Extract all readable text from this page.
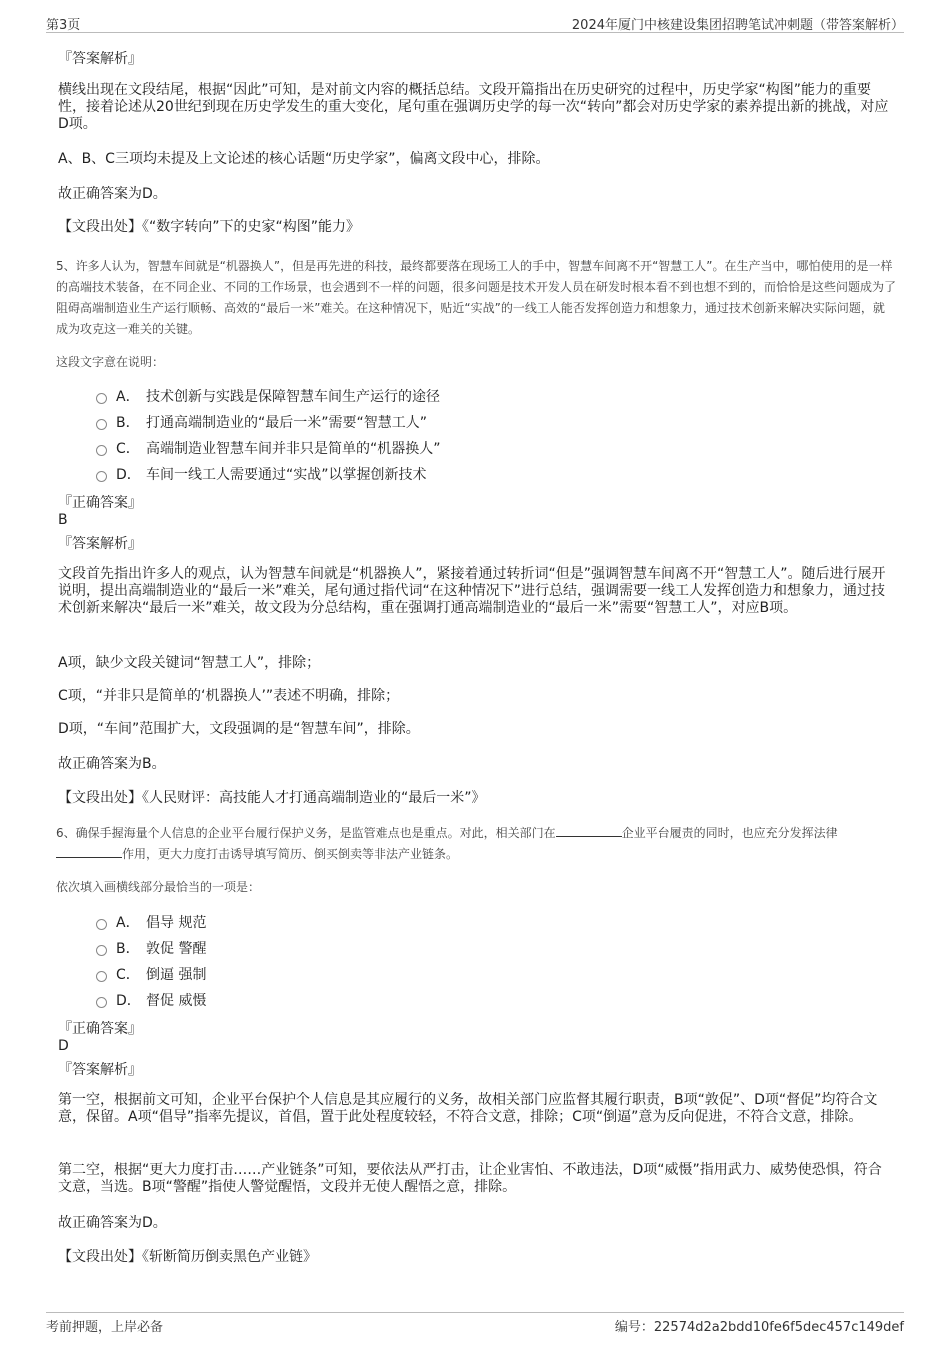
第3页	2024年厦门中核建设集团招聘笔试冲刺题（带答案解析）
『答案解析』
横线出现在文段结尾，根据“因此”可知，是对前文内容的概括总结。文段开篇指出在历史研究的过程中，历史学家“构图”能力的重要性，接着论述从20世纪到现在历史学发生的重大变化，尾句重在强调历史学的每一次“转向”都会对历史学家的素养提出新的挑战，对应D项。
A、B、C三项均未提及上文论述的核心话题“历史学家”，偏离文段中心，排除。
故正确答案为D。
【文段出处】《“数字转向”下的史家“构图”能力》
5、许多人认为，智慧车间就是“机器换人”，但是再先进的科技，最终都要落在现场工人的手中，智慧车间离不开“智慧工人”。在生产当中，哪怕使用的是一样的高端技术装备，在不同企业、不同的工作场景，也会遇到不一样的问题，很多问题是技术开发人员在研发时根本看不到也想不到的，而恰恰是这些问题成为了阻碍高端制造业生产运行顺畅、高效的“最后一米”难关。在这种情况下，贴近“实战”的一线工人能否发挥创造力和想象力，通过技术创新来解决实际问题，就成为攻克这一难关的关键。
这段文字意在说明：
A． 技术创新与实践是保障智慧车间生产运行的途径
B． 打通高端制造业的“最后一米”需要“智慧工人”
C． 高端制造业智慧车间并非只是简单的“机器换人”
D． 车间一线工人需要通过“实战”以掌握创新技术
『正确答案』
B
『答案解析』
文段首先指出许多人的观点，认为智慧车间就是“机器换人”，紧接着通过转折词“但是”强调智慧车间离不开“智慧工人”。随后进行展开说明，提出高端制造业的“最后一米”难关，尾句通过指代词“在这种情况下”进行总结，强调需要一线工人发挥创造力和想象力，通过技术创新来解决“最后一米”难关，故文段为分总结构，重在强调打通高端制造业的“最后一米”需要“智慧工人”，对应B项。
A项，缺少文段关键词“智慧工人”，排除；
C项，“并非只是简单的‘机器换人’”表述不明确，排除；
D项，“车间”范围扩大，文段强调的是“智慧车间”，排除。
故正确答案为B。
【文段出处】《人民财评：高技能人才打通高端制造业的“最后一米”》
6、确保手握海量个人信息的企业平台履行保护义务，是监管难点也是重点。对此，相关部门在	企业平台履责的同时，也应充分发挥法律作用，更大力度打击诱导填写简历、倒买倒卖等非法产业链条。
依次填入画横线部分最恰当的一项是：
A． 倡导 规范
B． 敦促 警醒
C． 倒逼 强制
D． 督促 威慑
『正确答案』
D
『答案解析』
第一空，根据前文可知，企业平台保护个人信息是其应履行的义务，故相关部门应监督其履行职责，B项“敦促”、D项“督促”均符合文意，保留。A项“倡导”指率先提议，首倡，置于此处程度较轻，不符合文意，排除；C项“倒逼”意为反向促进，不符合文意，排除。
第二空，根据“更大力度打击……产业链条”可知，要依法从严打击，让企业害怕、不敢违法，D项“威慑”指用武力、威势使恐惧，符合文意，当选。B项“警醒”指使人警觉醒悟，文段并无使人醒悟之意，排除。
故正确答案为D。
【文段出处】《斩断简历倒卖黑色产业链》
考前押题，上岸必备	编号：22574d2a2bdd10fe6f5dec457c149def
